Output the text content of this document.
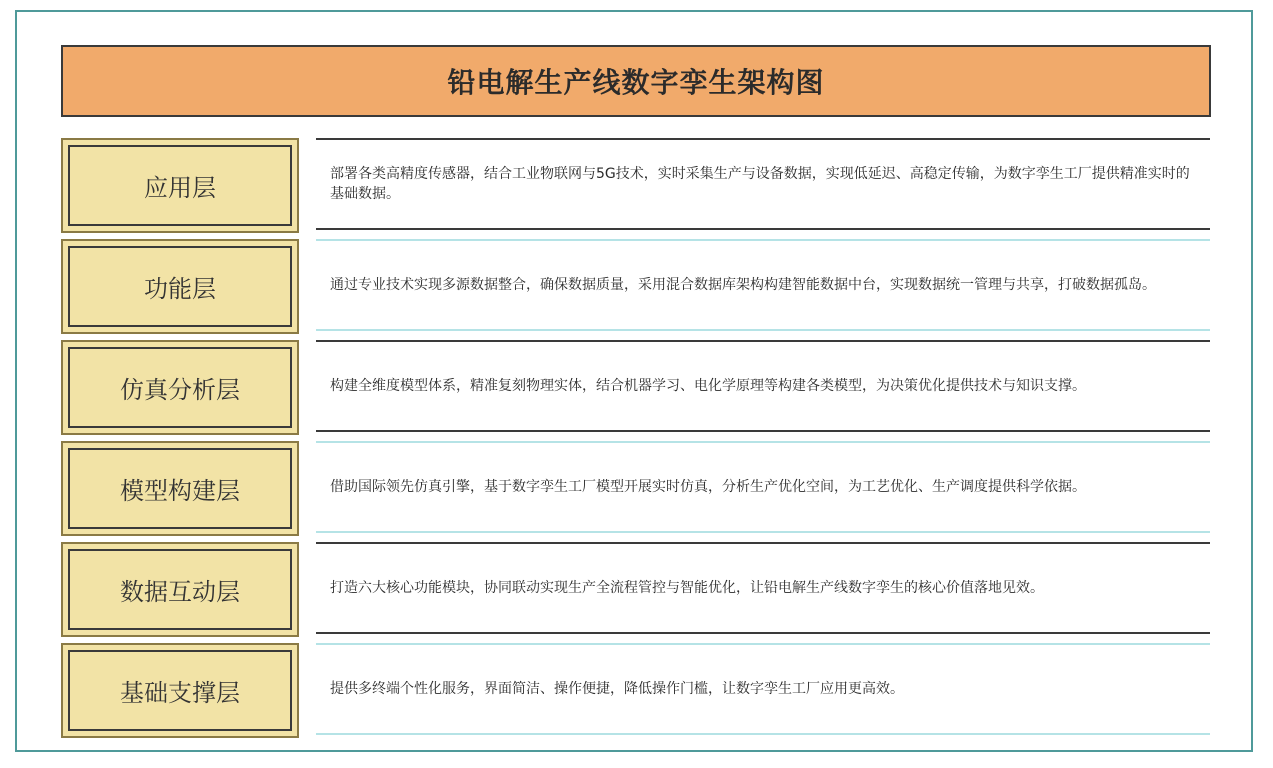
铅电解生产线数字孪生架构图
应用层	部署各类高精度传感器，结合工业物联网与5G技术，实时采集生产与设备数据，实现低延迟、高稳定传输，为数字孪生工厂提供精准实时的基础数据。
功能层	通过专业技术实现多源数据整合，确保数据质量，采用混合数据库架构构建智能数据中台，实现数据统一管理与共享，打破数据孤岛。
仿真分析层	构建全维度模型体系，精准复刻物理实体，结合机器学习、电化学原理等构建各类模型，为决策优化提供技术与知识支撑。
模型构建层	借助国际领先仿真引擎，基于数字孪生工厂模型开展实时仿真，分析生产优化空间，为工艺优化、生产调度提供科学依据。
数据互动层	打造六大核心功能模块，协同联动实现生产全流程管控与智能优化，让铅电解生产线数字孪生的核心价值落地见效。
基础支撑层	提供多终端个性化服务，界面简洁、操作便捷，降低操作门槛，让数字孪生工厂应用更高效。
